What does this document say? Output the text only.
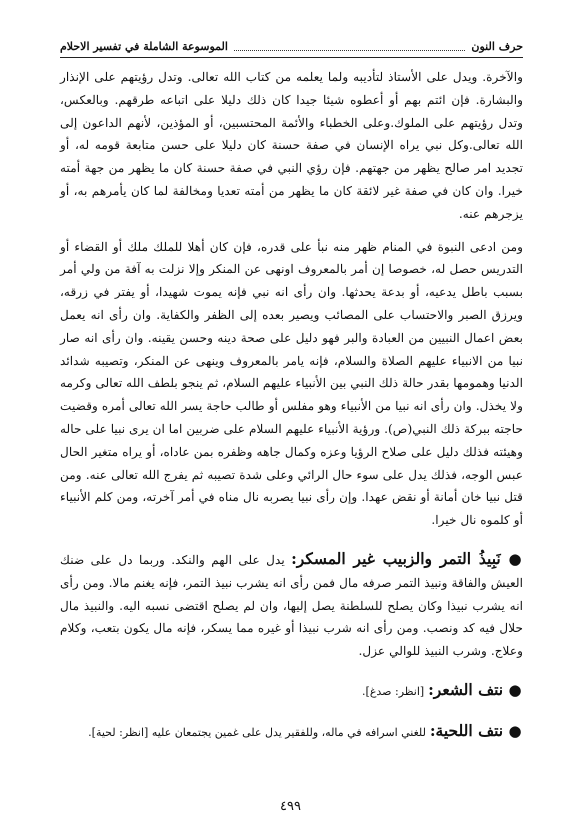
حرف النون
الموسوعة الشاملة في تفسير الاحلام

والآخرة. ويدل على الأستاذ لتأديبه ولما يعلمه من كتاب الله تعالى. وتدل رؤيتهم على الإنذار والبشارة. فإن ائتم بهم أو أعطوه شيئا جيدا كان ذلك دليلا على اتباعه طرقهم. وبالعكس، وتدل رؤيتهم على الملوك.وعلى الخطباء والأئمة المحتسبين، أو المؤذين، لأنهم الداعون إلى الله تعالى.وكل نبي يراه الإنسان في صفة حسنة كان دليلا على حسن متابعة قومه له، أو تجديد امر صالح يظهر من جهتهم. فإن رؤي النبي في صفة حسنة كان ما يظهر من جهة أمته خيرا. وان كان في صفة غير لائقة كان ما يظهر من أمته تعديا ومخالفة لما كان يأمرهم به، أو يزجرهم عنه.

ومن ادعى النبوة في المنام ظهر منه نبأ على قدره، فإن كان أهلا للملك ملك أو القضاء أو التدريس حصل له، خصوصا إن أمر بالمعروف اونهى عن المنكر وإلا نزلت به آفة من ولي أمر بسبب باطل يدعيه، أو بدعة يحدثها. وان رأى انه نبي فإنه يموت شهيدا، أو يفتر في زرقه، ويرزق الصبر والاحتساب على المصائب ويصير بعده إلى الظفر والكفاية. وان رأى انه يعمل بعض اعمال النبيين من العبادة والبر فهو دليل على صحة دينه وحسن يقينه. وان رأى انه صار نبيا من الانبياء عليهم الصلاة والسلام، فإنه يامر بالمعروف وينهى عن المنكر، وتصيبه شدائد الدنيا وهمومها بقدر حالة ذلك النبي بين الأنبياء عليهم السلام، ثم ينجو بلطف الله تعالى وكرمه ولا يخذل. وان رأى انه نبيا من الأنبياء وهو مفلس أو طالب حاجة يسر الله تعالى أمره وقضيت حاجته ببركة ذلك النبي(ص). ورؤية الأنبياء عليهم السلام على ضربين اما ان يرى نبيا على حاله وهيئته فذلك دليل على صلاح الرؤيا وعزه وكمال جاهه وظفره بمن عاداه، أو يراه متغير الحال عبس الوجه، فذلك يدل على سوء حال الرائي وعلى شدة تصيبه ثم يفرج الله تعالى عنه. ومن قتل نبيا خان أمانة أو نقض عهدا. وإن رأى نبيا يصربه نال مناه في أمر آخرته، ومن كلم الأنبياء أو كلموه نال خيرا.

● نَبِيذُ التمر والزبيب غير المسكر: يدل على الهم والنكد. وربما دل على ضنك العيش والفاقة ونبيذ التمر صرفه مال فمن رأى انه يشرب نبيذ التمر، فإنه يغنم مالا. ومن رأى انه يشرب نبيذا وكان يصلح للسلطنة يصل إليها، وان لم يصلح اقتضى نسبه اليه. والنبيذ مال حلال فيه كد ونصب. ومن رأى انه شرب نبيذا أو غيره مما يسكر، فإنه مال يكون بتعب، وكلام وعلاج. وشرب النبيذ للوالي عزل.

● نتف الشعر: [انظر: صدغ].

● نتف اللحية: للغني اسرافه في ماله، وللفقير يدل على غمين يجتمعان عليه [انظر: لحية].

٤٩٩
